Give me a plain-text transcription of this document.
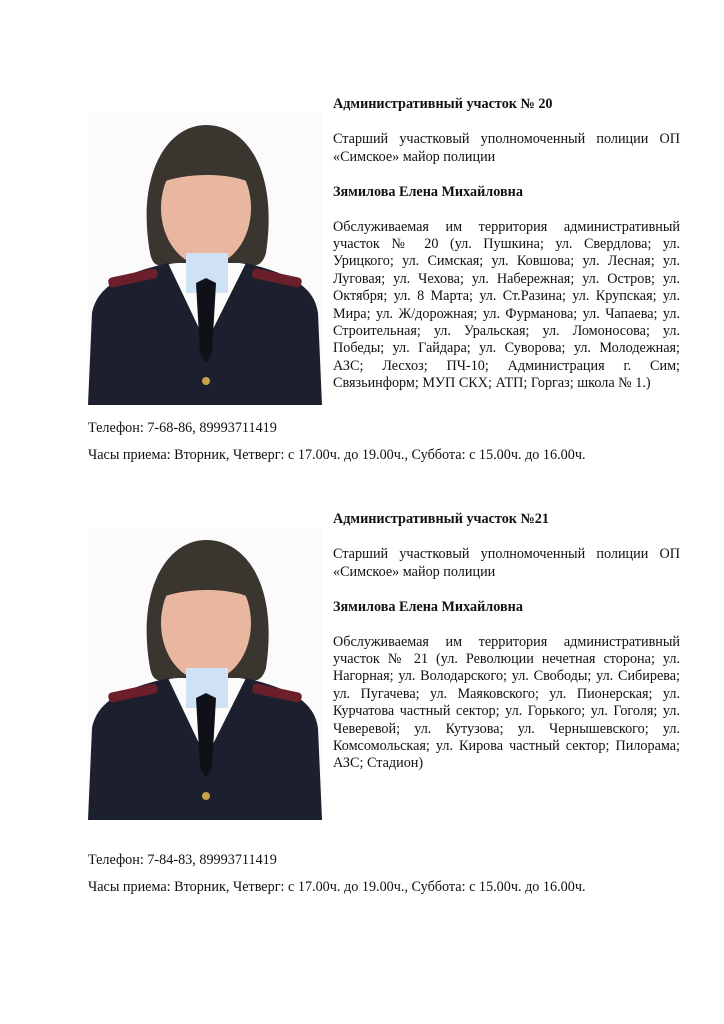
Административный участок № 20

Старший участковый уполномоченный полиции ОП «Симское» майор полиции

Зямилова Елена Михайловна

Обслуживаемая им территория административный участок № 20 (ул. Пушкина; ул. Свердлова; ул. Урицкого; ул. Симская; ул. Ковшова; ул. Лесная; ул. Луговая; ул. Чехова; ул. Набережная; ул. Остров; ул. Октября; ул. 8 Марта; ул. Ст.Разина; ул. Крупская; ул. Мира; ул. Ж/дорожная; ул. Фурманова; ул. Чапаева; ул. Строительная; ул. Уральская; ул. Ломоносова; ул. Победы; ул. Гайдара; ул. Суворова; ул. Молодежная; АЗС; Лесхоз; ПЧ-10; Администрация г. Сим; Связьинформ; МУП СКХ; АТП; Горгаз; школа № 1.)

Телефон: 7-68-86, 89993711419
Часы приема: Вторник, Четверг: с 17.00ч. до 19.00ч., Суббота: с 15.00ч. до 16.00ч.

Административный участок №21

Старший участковый уполномоченный полиции ОП «Симское» майор полиции

Зямилова Елена Михайловна

Обслуживаемая им территория административный участок № 21 (ул. Революции нечетная сторона; ул. Нагорная; ул. Володарского; ул. Свободы; ул. Сибирева; ул. Пугачева; ул. Маяковского; ул. Пионерская; ул. Курчатова частный сектор; ул. Горького; ул. Гоголя; ул. Чеверевой; ул. Кутузова; ул. Чернышевского; ул. Комсомольская; ул. Кирова частный сектор; Пилорама; АЗС; Стадион)

Телефон: 7-84-83, 89993711419
Часы приема: Вторник, Четверг: с 17.00ч. до 19.00ч., Суббота: с 15.00ч. до 16.00ч.
